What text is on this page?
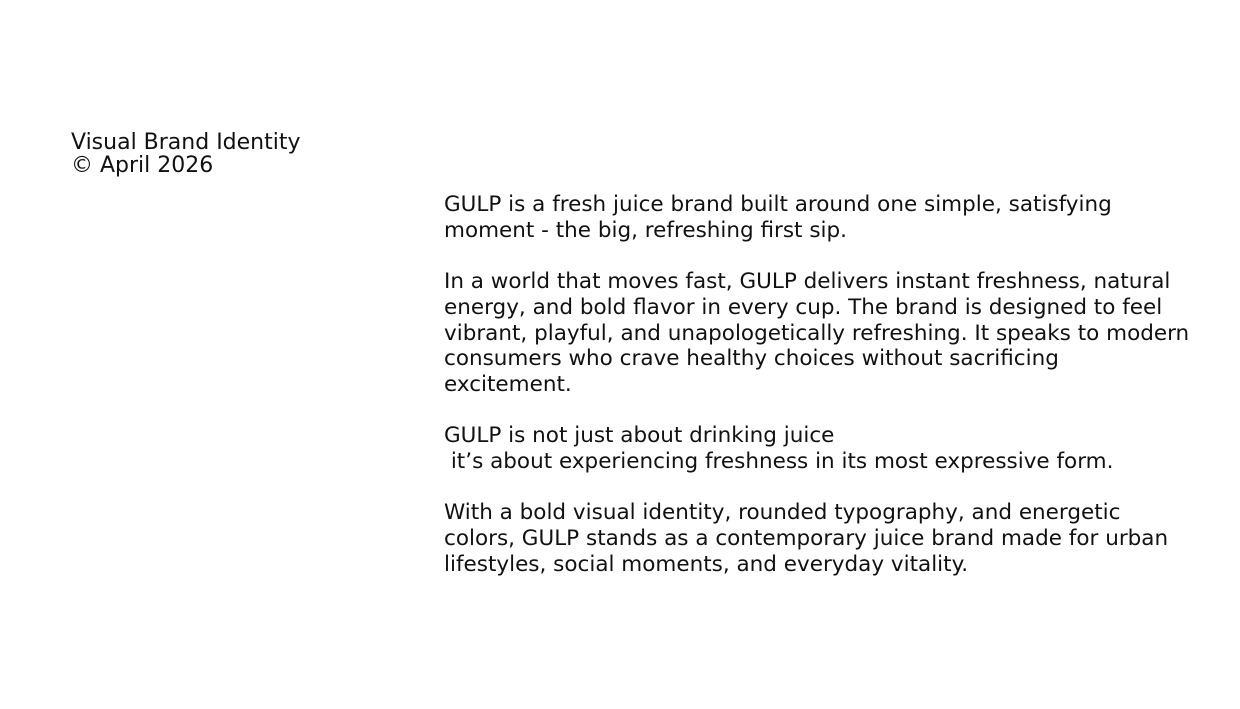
Visual Brand Identity
© April 2026

GULP is a fresh juice brand built around one simple, satisfying
moment - the big, refreshing first sip.

In a world that moves fast, GULP delivers instant freshness, natural
energy, and bold flavor in every cup. The brand is designed to feel
vibrant, playful, and unapologetically refreshing. It speaks to modern
consumers who crave healthy choices without sacrificing
excitement.

GULP is not just about drinking juice
it’s about experiencing freshness in its most expressive form.

With a bold visual identity, rounded typography, and energetic
colors, GULP stands as a contemporary juice brand made for urban
lifestyles, social moments, and everyday vitality.
